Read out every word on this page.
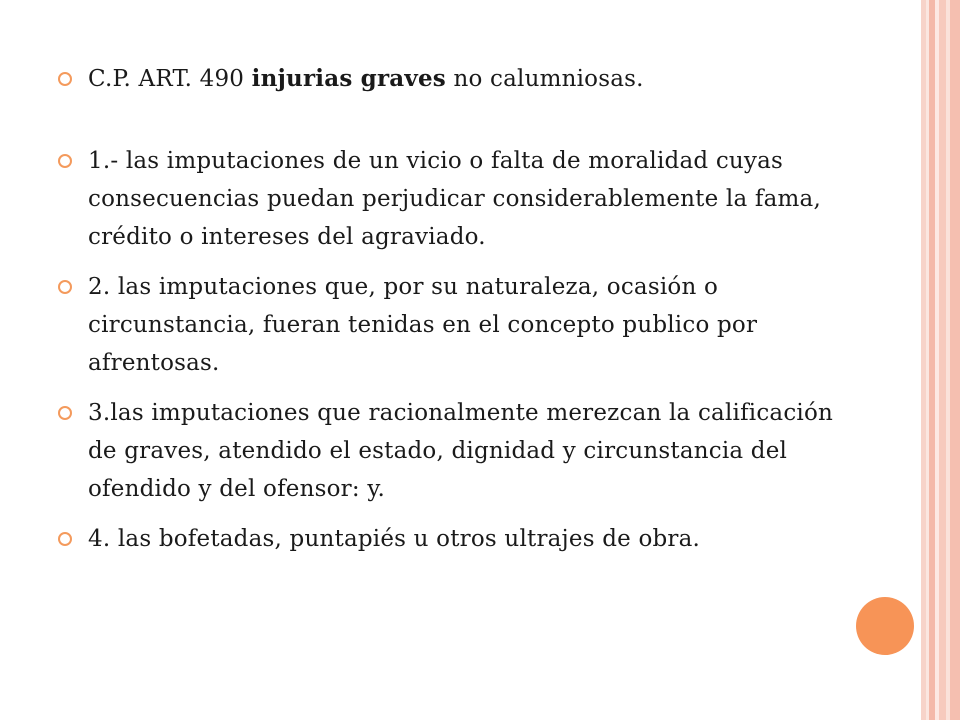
C.P. ART. 490 injurias graves no calumniosas.
1.- las imputaciones de un vicio o falta de moralidad cuyas consecuencias puedan perjudicar considerablemente la fama, crédito o intereses del agraviado.
2. las imputaciones que, por su naturaleza, ocasión o circunstancia, fueran tenidas en el concepto publico por afrentosas.
3.las imputaciones que racionalmente merezcan la calificación de graves, atendido el estado, dignidad y circunstancia del ofendido y del ofensor: y.
4. las bofetadas, puntapiés u otros ultrajes de obra.
